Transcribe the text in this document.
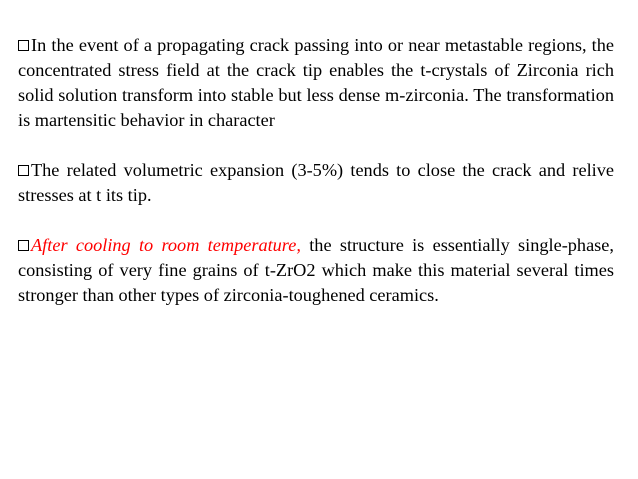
In the event of a propagating crack passing into or near metastable regions, the concentrated stress field at the crack tip enables the t-crystals of Zirconia rich solid solution transform into stable but less dense m-zirconia. The transformation is martensitic behavior in character

The related volumetric expansion (3-5%) tends to close the crack and relive stresses at t its tip.

After cooling to room temperature, the structure is essentially single-phase, consisting of very fine grains of t-ZrO2 which make this material several times stronger than other types of zirconia-toughened ceramics.
